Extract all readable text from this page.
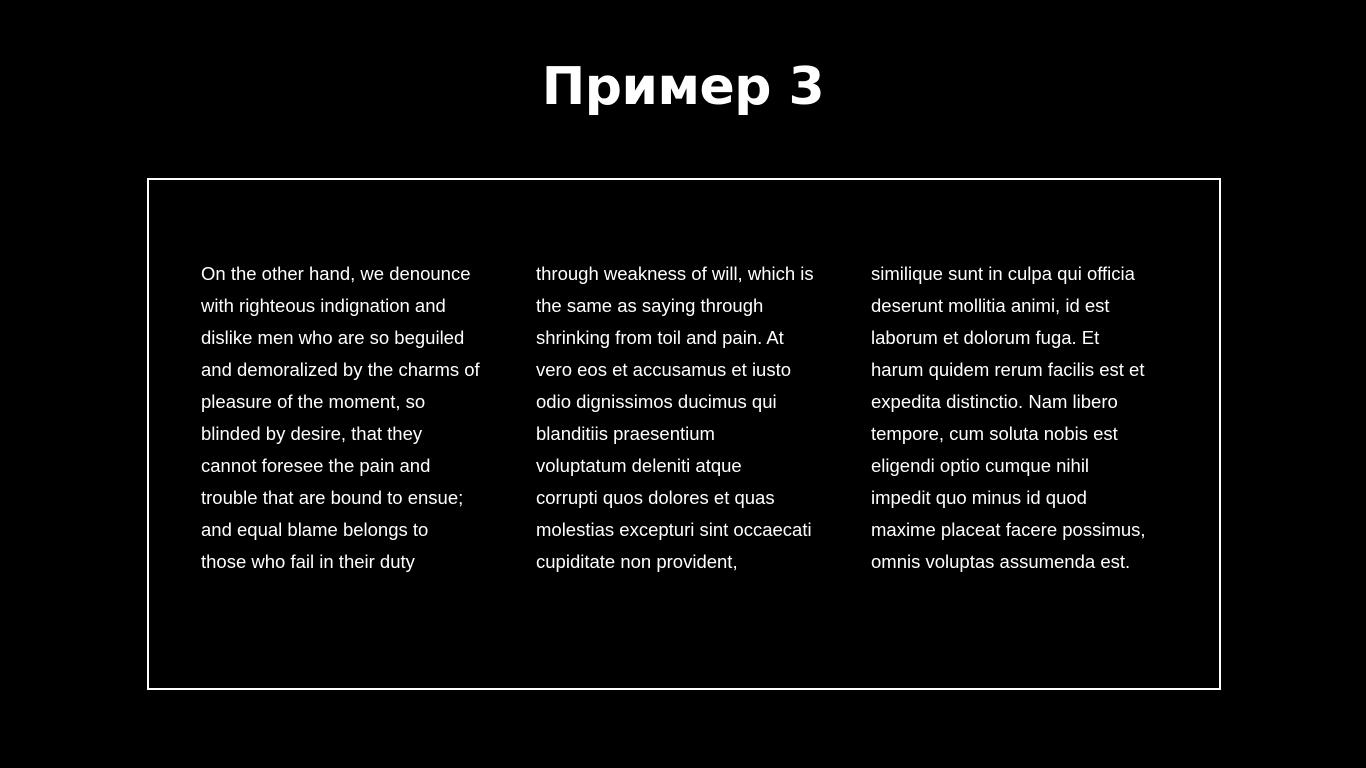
Пример 3

On the other hand, we denounce
with righteous indignation and
dislike men who are so beguiled
and demoralized by the charms of
pleasure of the moment, so
blinded by desire, that they
cannot foresee the pain and
trouble that are bound to ensue;
and equal blame belongs to
those who fail in their duty

through weakness of will, which is
the same as saying through
shrinking from toil and pain. At
vero eos et accusamus et iusto
odio dignissimos ducimus qui
blanditiis praesentium
voluptatum deleniti atque
corrupti quos dolores et quas
molestias excepturi sint occaecati
cupiditate non provident,

similique sunt in culpa qui officia
deserunt mollitia animi, id est
laborum et dolorum fuga. Et
harum quidem rerum facilis est et
expedita distinctio. Nam libero
tempore, cum soluta nobis est
eligendi optio cumque nihil
impedit quo minus id quod
maxime placeat facere possimus,
omnis voluptas assumenda est.
